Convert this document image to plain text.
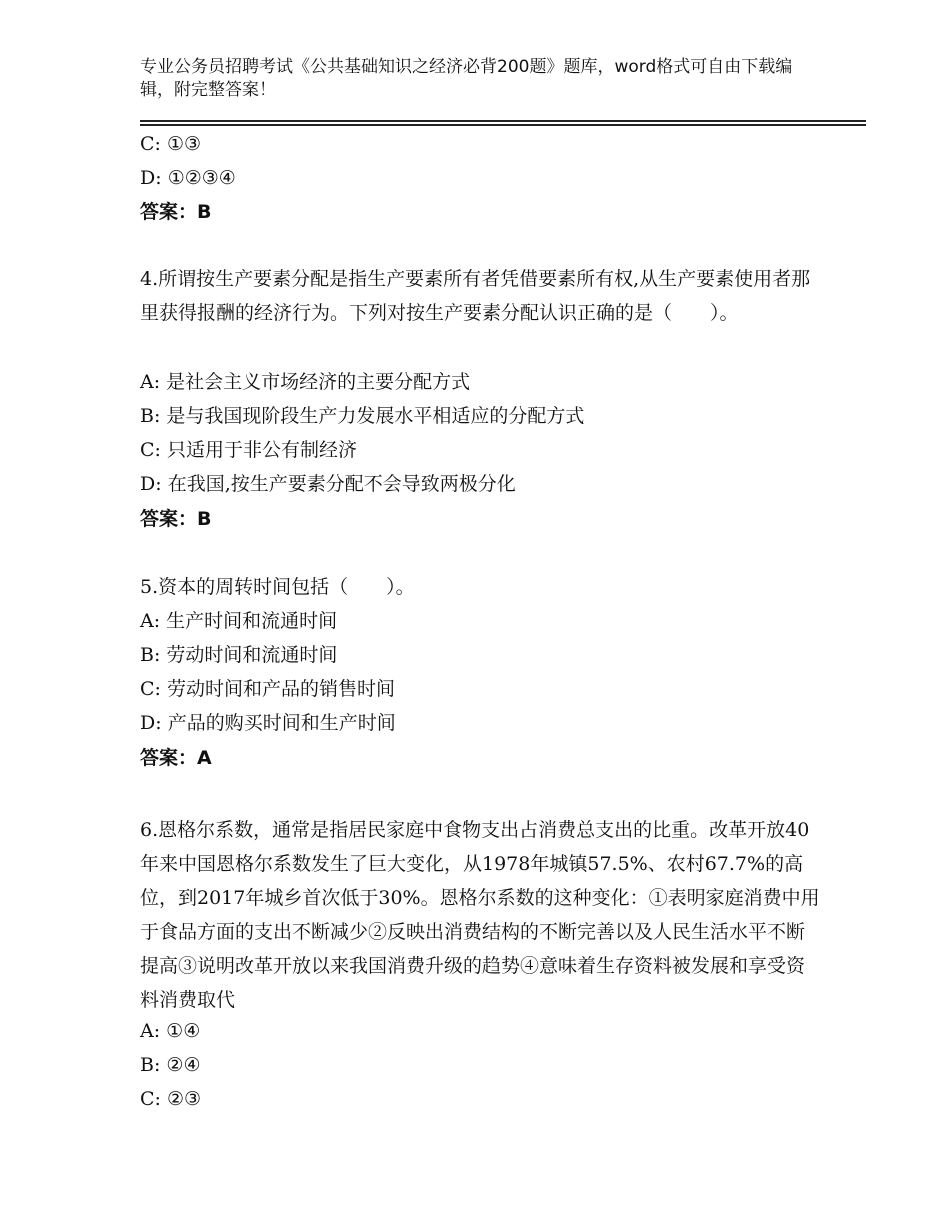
专业公务员招聘考试《公共基础知识之经济必背200题》题库，word格式可自由下载编辑，附完整答案！
C: ①③
D: ①②③④
答案：B
4.所谓按生产要素分配是指生产要素所有者凭借要素所有权,从生产要素使用者那里获得报酬的经济行为。下列对按生产要素分配认识正确的是（　　）。
A: 是社会主义市场经济的主要分配方式
B: 是与我国现阶段生产力发展水平相适应的分配方式
C: 只适用于非公有制经济
D: 在我国,按生产要素分配不会导致两极分化
答案：B
5.资本的周转时间包括（　　）。
A: 生产时间和流通时间
B: 劳动时间和流通时间
C: 劳动时间和产品的销售时间
D: 产品的购买时间和生产时间
答案：A
6.恩格尔系数，通常是指居民家庭中食物支出占消费总支出的比重。改革开放40年来中国恩格尔系数发生了巨大变化，从1978年城镇57.5%、农村67.7%的高位，到2017年城乡首次低于30%。恩格尔系数的这种变化：①表明家庭消费中用于食品方面的支出不断减少②反映出消费结构的不断完善以及人民生活水平不断提高③说明改革开放以来我国消费升级的趋势④意味着生存资料被发展和享受资料消费取代
A: ①④
B: ②④
C: ②③
